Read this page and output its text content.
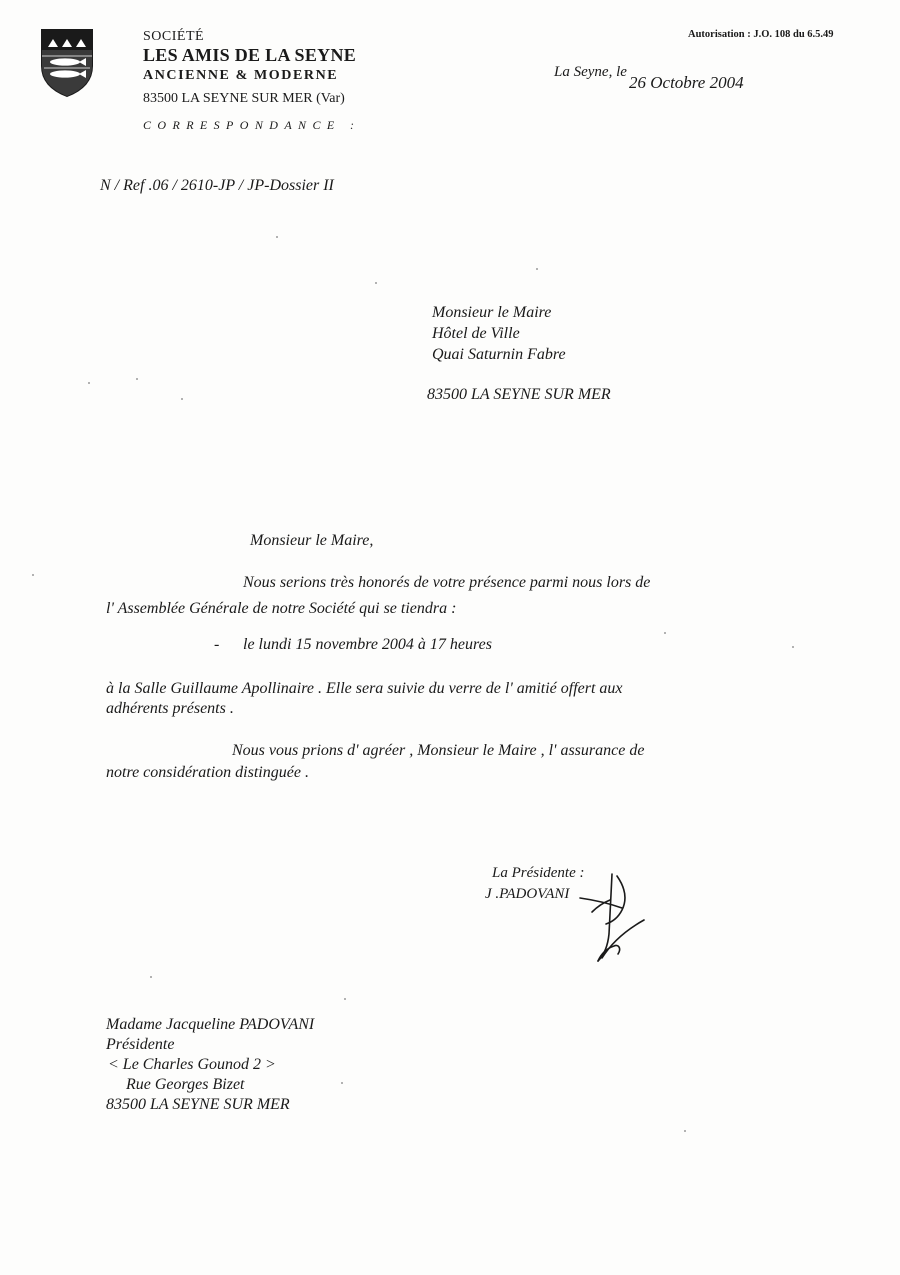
SOCIÉTÉ
LES AMIS DE LA SEYNE
ANCIENNE & MODERNE
83500 LA SEYNE SUR MER (Var)
CORRESPONDANCE :
Autorisation : J.O. 108 du 6.5.49
La Seyne, le
26 Octobre 2004
N / Ref .06 / 2610-JP / JP-Dossier II
Monsieur le Maire
Hôtel de Ville
Quai Saturnin Fabre
83500 LA SEYNE SUR MER
Monsieur le Maire,
Nous serions très honorés de votre présence parmi nous lors de
l' Assemblée Générale de notre Société qui se tiendra :
- le lundi 15 novembre 2004 à 17 heures
à la Salle Guillaume Apollinaire . Elle sera suivie du verre de l' amitié offert aux
adhérents présents .
Nous vous prions d' agréer , Monsieur le Maire , l' assurance de
notre considération distinguée .
La Présidente :
J .PADOVANI
Madame Jacqueline PADOVANI
Présidente
< Le Charles Gounod 2 >
Rue Georges Bizet
83500 LA SEYNE SUR MER
